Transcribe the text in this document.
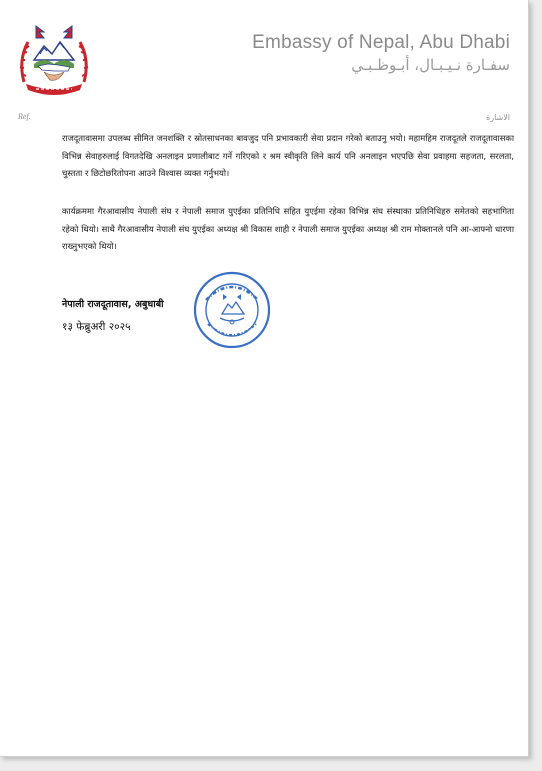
Embassy of Nepal, Abu Dhabi
سفـارة نـيـبـال، أبـوظـبـي
Ref.	الاشارة

राजदूतावासमा उपलब्ध सीमित जनशक्ति र स्रोतसाधनका बावजुद पनि प्रभावकारी सेवा प्रदान गरेको बताउनु भयो। महामहिम राजदूतले राजदूतावासका विभिन्न सेवाहरुलाई विगतदेखि अनलाइन प्रणालीबाट गर्ने गरिएको र श्रम स्वीकृति लिने कार्य पनि अनलाइन भएपछि सेवा प्रवाहमा सहजता, सरलता, चुस्तता र छिटोछरितोपना आउने विश्वास व्यक्त गर्नुभयो।

कार्यक्रममा गैरआवासीय नेपाली संघ र नेपाली समाज युएईका प्रतिनिधि सहित युएईमा रहेका विभिन्न संघ संस्थाका प्रतिनिधिहरु समेतको सहभागिता रहेको थियो। साथै गैरआवासीय नेपाली संघ युएईका अध्यक्ष श्री विकास शाही र नेपाली समाज युएईका अध्यक्ष श्री राम मोक्तानले पनि आ-आफ्नो धारणा राख्नुभएको थियो।

नेपाली राजदूतावास, अबुधाबी
१३ फेब्रुअरी २०२५
